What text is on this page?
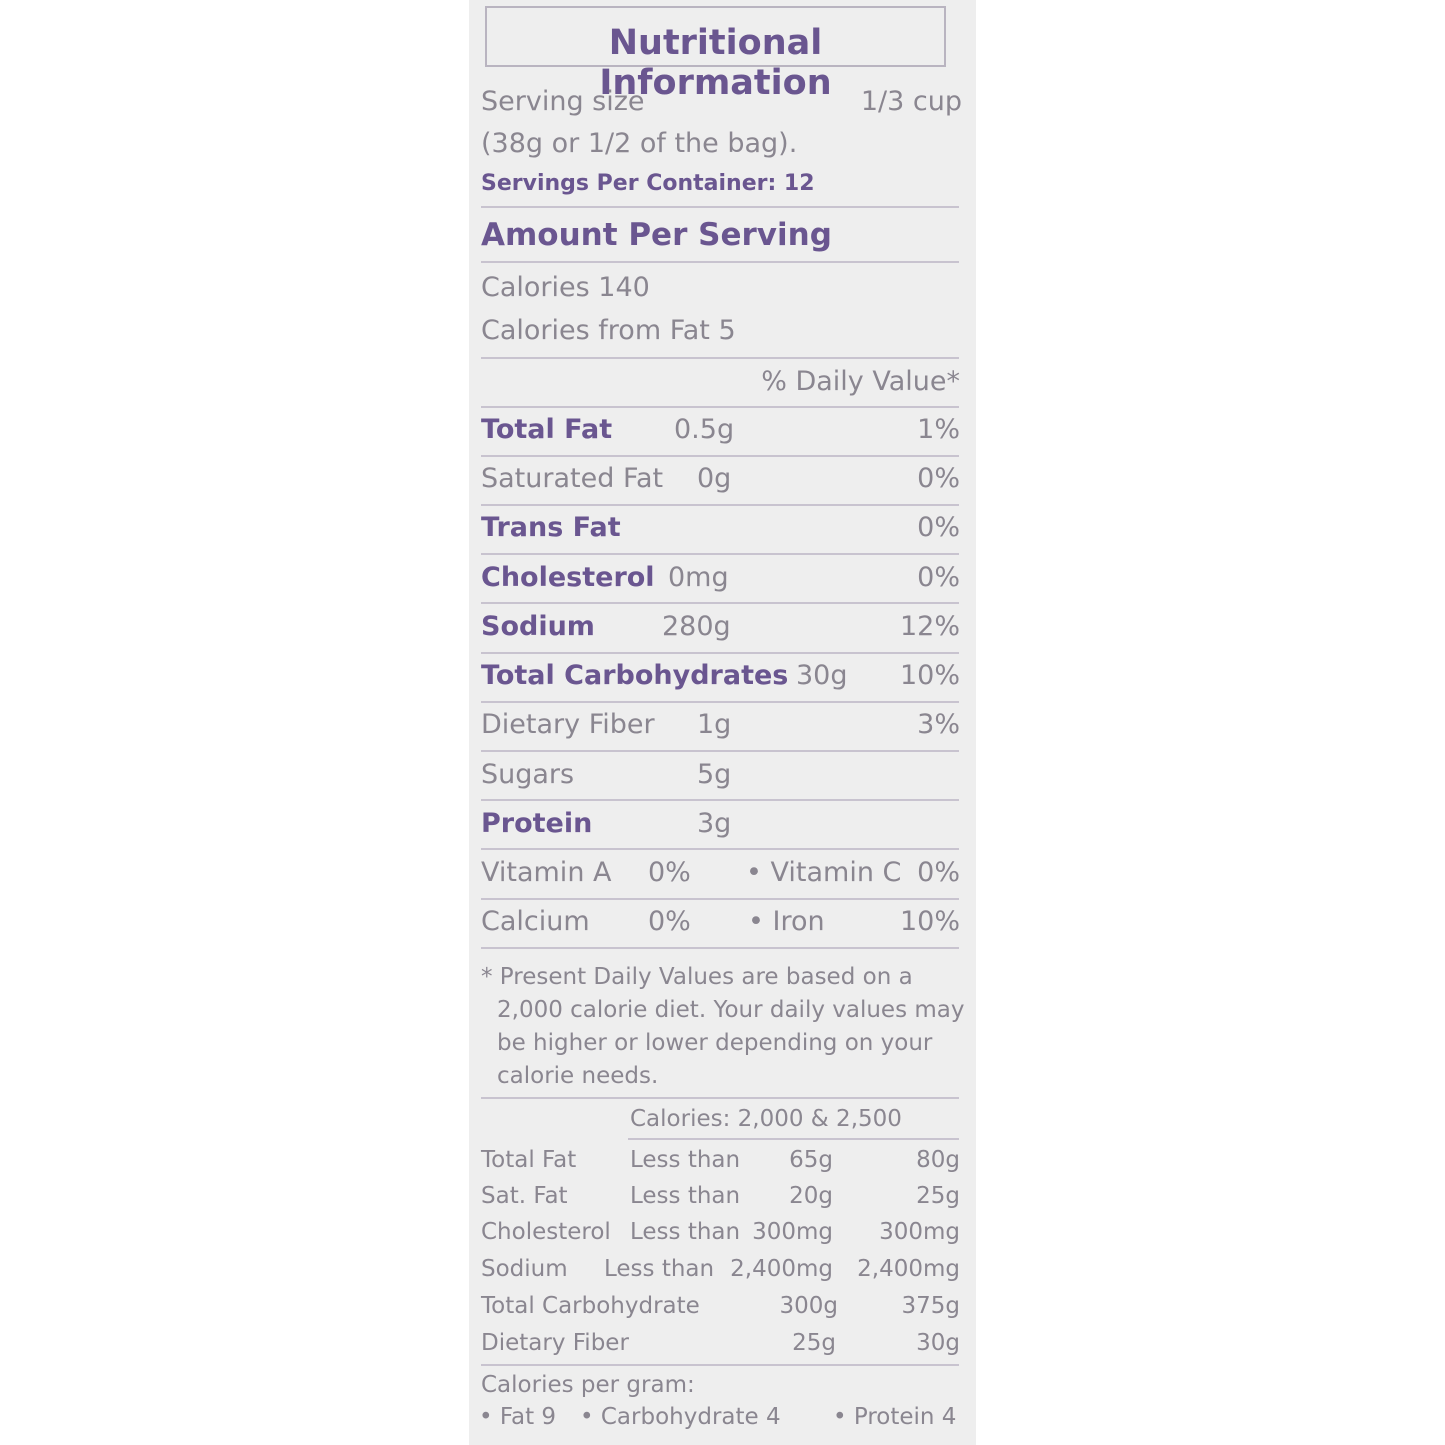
Nutritional Information
Serving size	1/3 cup
(38g or 1/2 of the bag).
Servings Per Container: 12
Amount Per Serving
Calories 140
Calories from Fat 5
% Daily Value*
Total Fat 0.5g	1%
Saturated Fat 0g	0%
Trans Fat	0%
Cholesterol 0mg	0%
Sodium 280g	12%
Total Carbohydrates 30g 10%
Dietary Fiber 1g	3%
Sugars	5g
Protein	3g
Vitamin A 0% • Vitamin C 0%
Calcium 0% • Iron	10%
* Present Daily Values are based on a
2,000 calorie diet. Your daily values may
be higher or lower depending on your
calorie needs.
Calories: 2,000 & 2,500
Total Fat Less than 65g	80g
Sat. Fat	Less than 20g	25g
Cholesterol Less than 300mg 300mg
Sodium Less than 2,400mg 2,400mg
Total Carbohydrate	300g	375g
Dietary Fiber	25g	30g
Calories per gram:
• Fat 9 • Carbohydrate 4 • Protein 4
